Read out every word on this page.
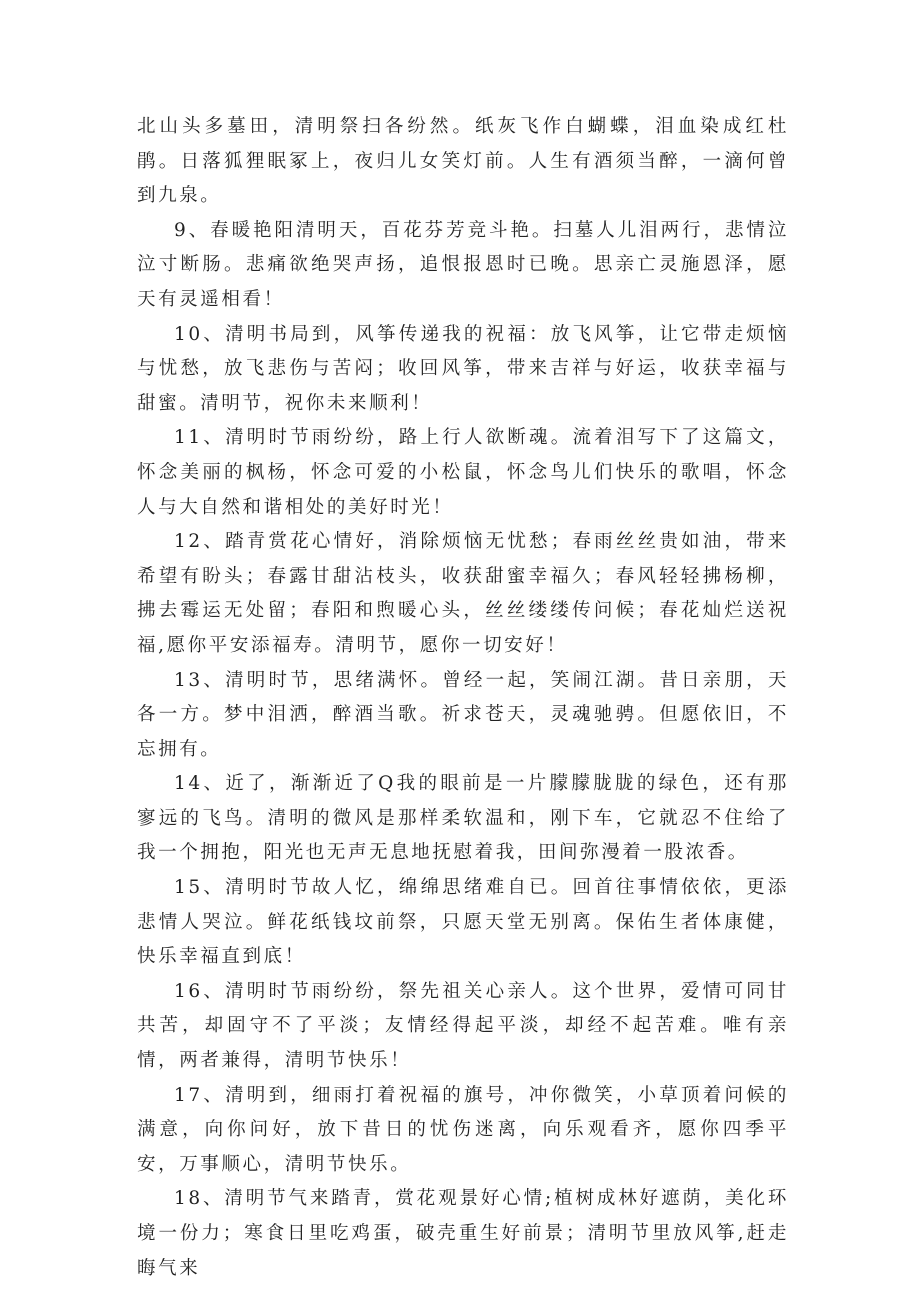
北山头多墓田，清明祭扫各纷然。纸灰飞作白蝴蝶，泪血染成红杜鹃。日落狐狸眠冢上，夜归儿女笑灯前。人生有酒须当醉，一滴何曾到九泉。

9、春暖艳阳清明天，百花芬芳竞斗艳。扫墓人儿泪两行，悲情泣泣寸断肠。悲痛欲绝哭声扬，追恨报恩时已晚。思亲亡灵施恩泽，愿天有灵遥相看！

10、清明书局到，风筝传递我的祝福：放飞风筝，让它带走烦恼与忧愁，放飞悲伤与苦闷；收回风筝，带来吉祥与好运，收获幸福与甜蜜。清明节，祝你未来顺利！

11、清明时节雨纷纷，路上行人欲断魂。流着泪写下了这篇文，怀念美丽的枫杨，怀念可爱的小松鼠，怀念鸟儿们快乐的歌唱，怀念人与大自然和谐相处的美好时光！

12、踏青赏花心情好，消除烦恼无忧愁；春雨丝丝贵如油，带来希望有盼头；春露甘甜沾枝头，收获甜蜜幸福久；春风轻轻拂杨柳，拂去霉运无处留；春阳和煦暖心头，丝丝缕缕传问候；春花灿烂送祝福,愿你平安添福寿。清明节，愿你一切安好！

13、清明时节，思绪满怀。曾经一起，笑闹江湖。昔日亲朋，天各一方。梦中泪洒，醉酒当歌。祈求苍天，灵魂驰骋。但愿依旧，不忘拥有。

14、近了，渐渐近了Q我的眼前是一片朦朦胧胧的绿色，还有那寥远的飞鸟。清明的微风是那样柔软温和，刚下车，它就忍不住给了我一个拥抱，阳光也无声无息地抚慰着我，田间弥漫着一股浓香。

15、清明时节故人忆，绵绵思绪难自已。回首往事情依依，更添悲情人哭泣。鲜花纸钱坟前祭，只愿天堂无别离。保佑生者体康健，快乐幸福直到底！

16、清明时节雨纷纷，祭先祖关心亲人。这个世界，爱情可同甘共苦，却固守不了平淡；友情经得起平淡，却经不起苦难。唯有亲情，两者兼得，清明节快乐！

17、清明到，细雨打着祝福的旗号，冲你微笑，小草顶着问候的满意，向你问好，放下昔日的忧伤迷离，向乐观看齐，愿你四季平安，万事顺心，清明节快乐。

18、清明节气来踏青，赏花观景好心情;植树成林好遮荫，美化环境一份力；寒食日里吃鸡蛋，破壳重生好前景；清明节里放风筝,赶走晦气来
